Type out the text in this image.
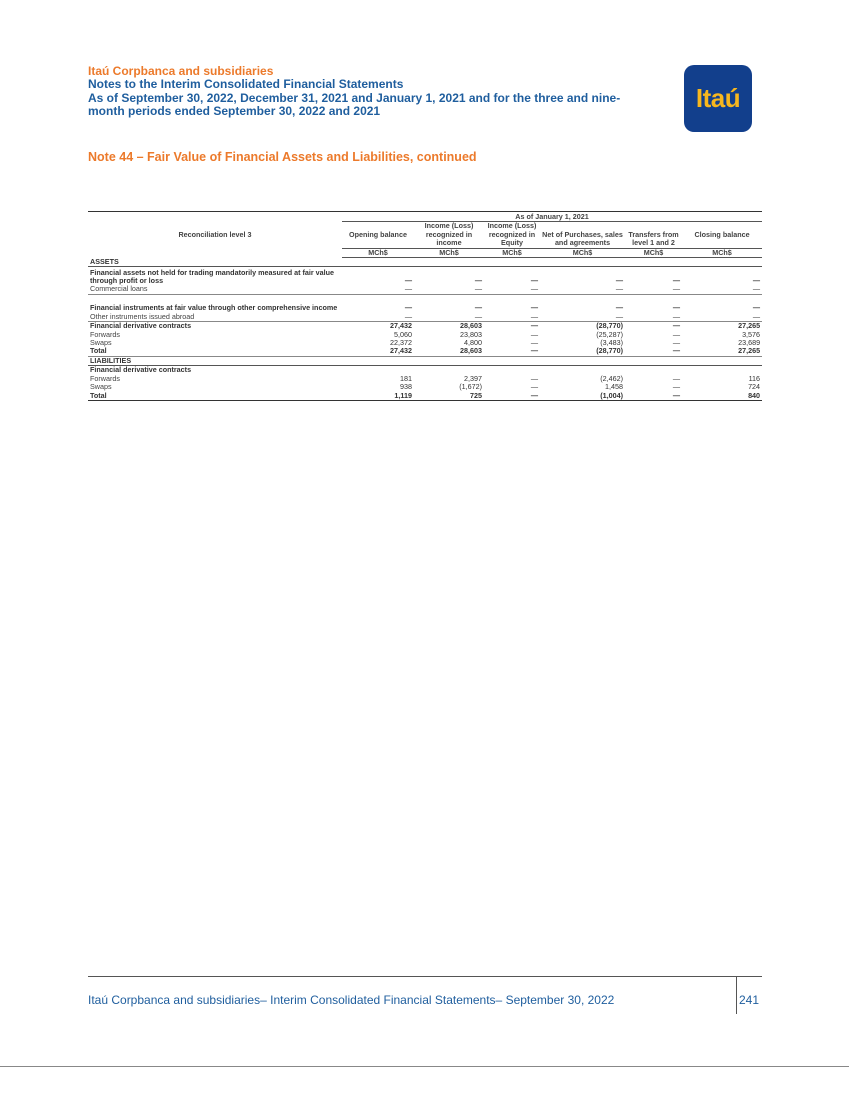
Itaú Corpbanca and subsidiaries
Notes to the Interim Consolidated Financial Statements
As of September 30, 2022, December 31, 2021 and January 1, 2021 and for the three and nine-
month periods ended September 30, 2022 and 2021	Itaú
Note 44 – Fair Value of Financial Assets and Liabilities, continued

	As of January 1, 2021					
Reconciliation level 3	Opening balance	Income (Loss) recognized in income	Income (Loss) recognized in Equity	Net of Purchases, sales and agreements	Transfers from level 1 and 2	Closing balance
	MCh$	MCh$	MCh$	MCh$	MCh$	MCh$
ASSETS						
Financial assets not held for trading mandatorily measured at fair value through profit or loss	—	—	—	—	—	—
Commercial loans	—	—	—	—	—	—
Financial instruments at fair value through other comprehensive income	—	—	—	—	—	—
Other instruments issued abroad	—	—	—	—	—	—
Financial derivative contracts	27,432	28,603	—	(28,770)	—	27,265
Forwards	5,060	23,803	—	(25,287)	—	3,576
Swaps	22,372	4,800	—	(3,483)	—	23,689
Total	27,432	28,603	—	(28,770)	—	27,265
LIABILITIES						
Financial derivative contracts						
Forwards	181	2,397	—	(2,462)	—	116
Swaps	938	(1,672)	—	1,458	—	724
Total	1,119	725	—	(1,004)	—	840
Itaú Corpbanca and subsidiaries– Interim Consolidated Financial Statements– September 30, 2022	241
